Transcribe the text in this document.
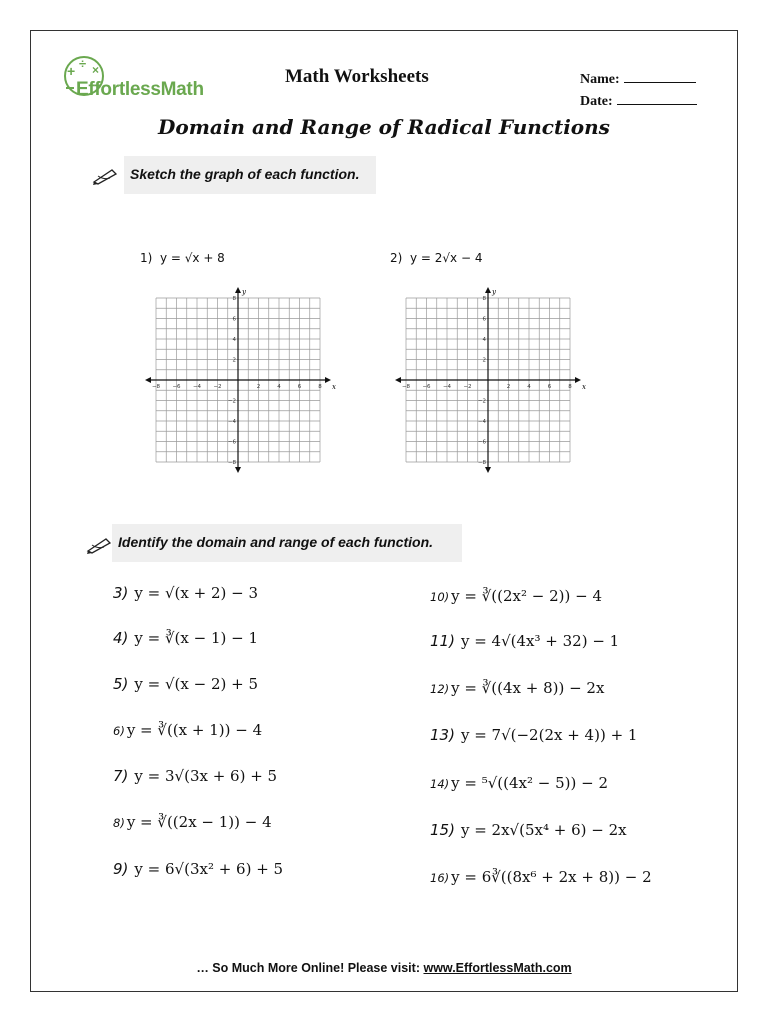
+ ÷ ×
EffortlessMath
Math Worksheets	Name:
Date:
Domain and Range of Radical Functions
Sketch the graph of each function.
1) y = √x + 8	2) y = 2√x − 4
x
y
−8 −6 −4 −2	2	4	6	8
8
6
4
2
−2
−4
−6
−8
x
y
−8 −6 −4 −2	2	4	6	8
8
6
4
2
−2
−4
−6
−8
Identify the domain and range of each function.
3) y = √(x + 2) − 3
4) y = ∛(x − 1) − 1
5) y = √(x − 2) + 5
6) y = ∛((x + 1)) − 4
7) y = 3√(3x + 6) + 5
8) y = ∛((2x − 1)) − 4
9) y = 6√(3x² + 6) + 5
10) y = ∛((2x² − 2)) − 4
11) y = 4√(4x³ + 32) − 1
12) y = ∛((4x + 8)) − 2x
13) y = 7√(−2(2x + 4)) + 1
14) y = ⁵√((4x² − 5)) − 2
15) y = 2x√(5x⁴ + 6) − 2x
16) y = 6∛((8x⁶ + 2x + 8)) − 2
… So Much More Online! Please visit: www.EffortlessMath.com
